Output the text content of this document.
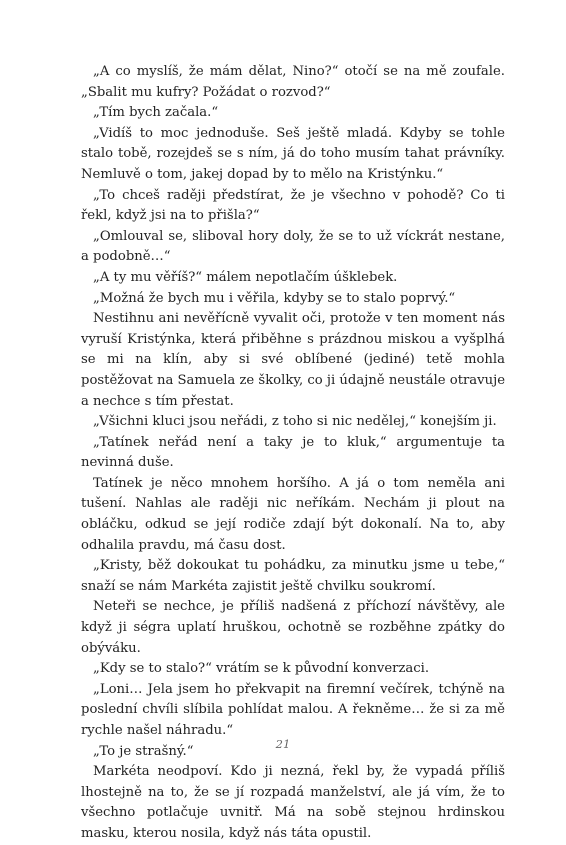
„A co myslíš, že mám dělat, Nino?“ otočí se na mě zoufale. „Sbalit mu kufry? Požádat o rozvod?“

„Tím bych začala.“

„Vidíš to moc jednoduše. Seš ještě mladá. Kdyby se tohle stalo tobě, rozejdeš se s ním, já do toho musím tahat právníky. Nemluvě o tom, jakej dopad by to mělo na Kristýnku.“

„To chceš raději předstírat, že je všechno v pohodě? Co ti řekl, když jsi na to přišla?“

„Omlouval se, sliboval hory doly, že se to už víckrát nestane, a podobně…“

„A ty mu věříš?“ málem nepotlačím úšklebek.

„Možná že bych mu i věřila, kdyby se to stalo poprvý.“

Nestihnu ani nevěřícně vyvalit oči, protože v ten moment nás vyruší Kristýnka, která přiběhne s prázdnou miskou a vyšplhá se mi na klín, aby si své oblíbené (jediné) tetě mohla postěžovat na Samuela ze školky, co ji údajně neustále otravuje a nechce s tím přestat.

„Všichni kluci jsou neřádi, z toho si nic nedělej,“ konejším ji.

„Tatínek neřád není a taky je to kluk,“ argumentuje ta nevinná duše.

Tatínek je něco mnohem horšího. A já o tom neměla ani tušení. Nahlas ale raději nic neříkám. Nechám ji plout na obláčku, odkud se její rodiče zdají být dokonalí. Na to, aby odhalila pravdu, má času dost.

„Kristy, běž dokoukat tu pohádku, za minutku jsme u tebe,“ snaží se nám Markéta zajistit ještě chvilku soukromí.

Neteři se nechce, je příliš nadšená z příchozí návštěvy, ale když ji ségra uplatí hruškou, ochotně se rozběhne zpátky do obýváku.

„Kdy se to stalo?“ vrátím se k původní konverzaci.

„Loni… Jela jsem ho překvapit na firemní večírek, tchýně na poslední chvíli slíbila pohlídat malou. A řekněme… že si za mě rychle našel náhradu.“

„To je strašný.“

Markéta neodpoví. Kdo ji nezná, řekl by, že vypadá příliš lhostejně na to, že se jí rozpadá manželství, ale já vím, že to všechno potlačuje uvnitř. Má na sobě stejnou hrdinskou masku, kterou nosila, když nás táta opustil.

21
